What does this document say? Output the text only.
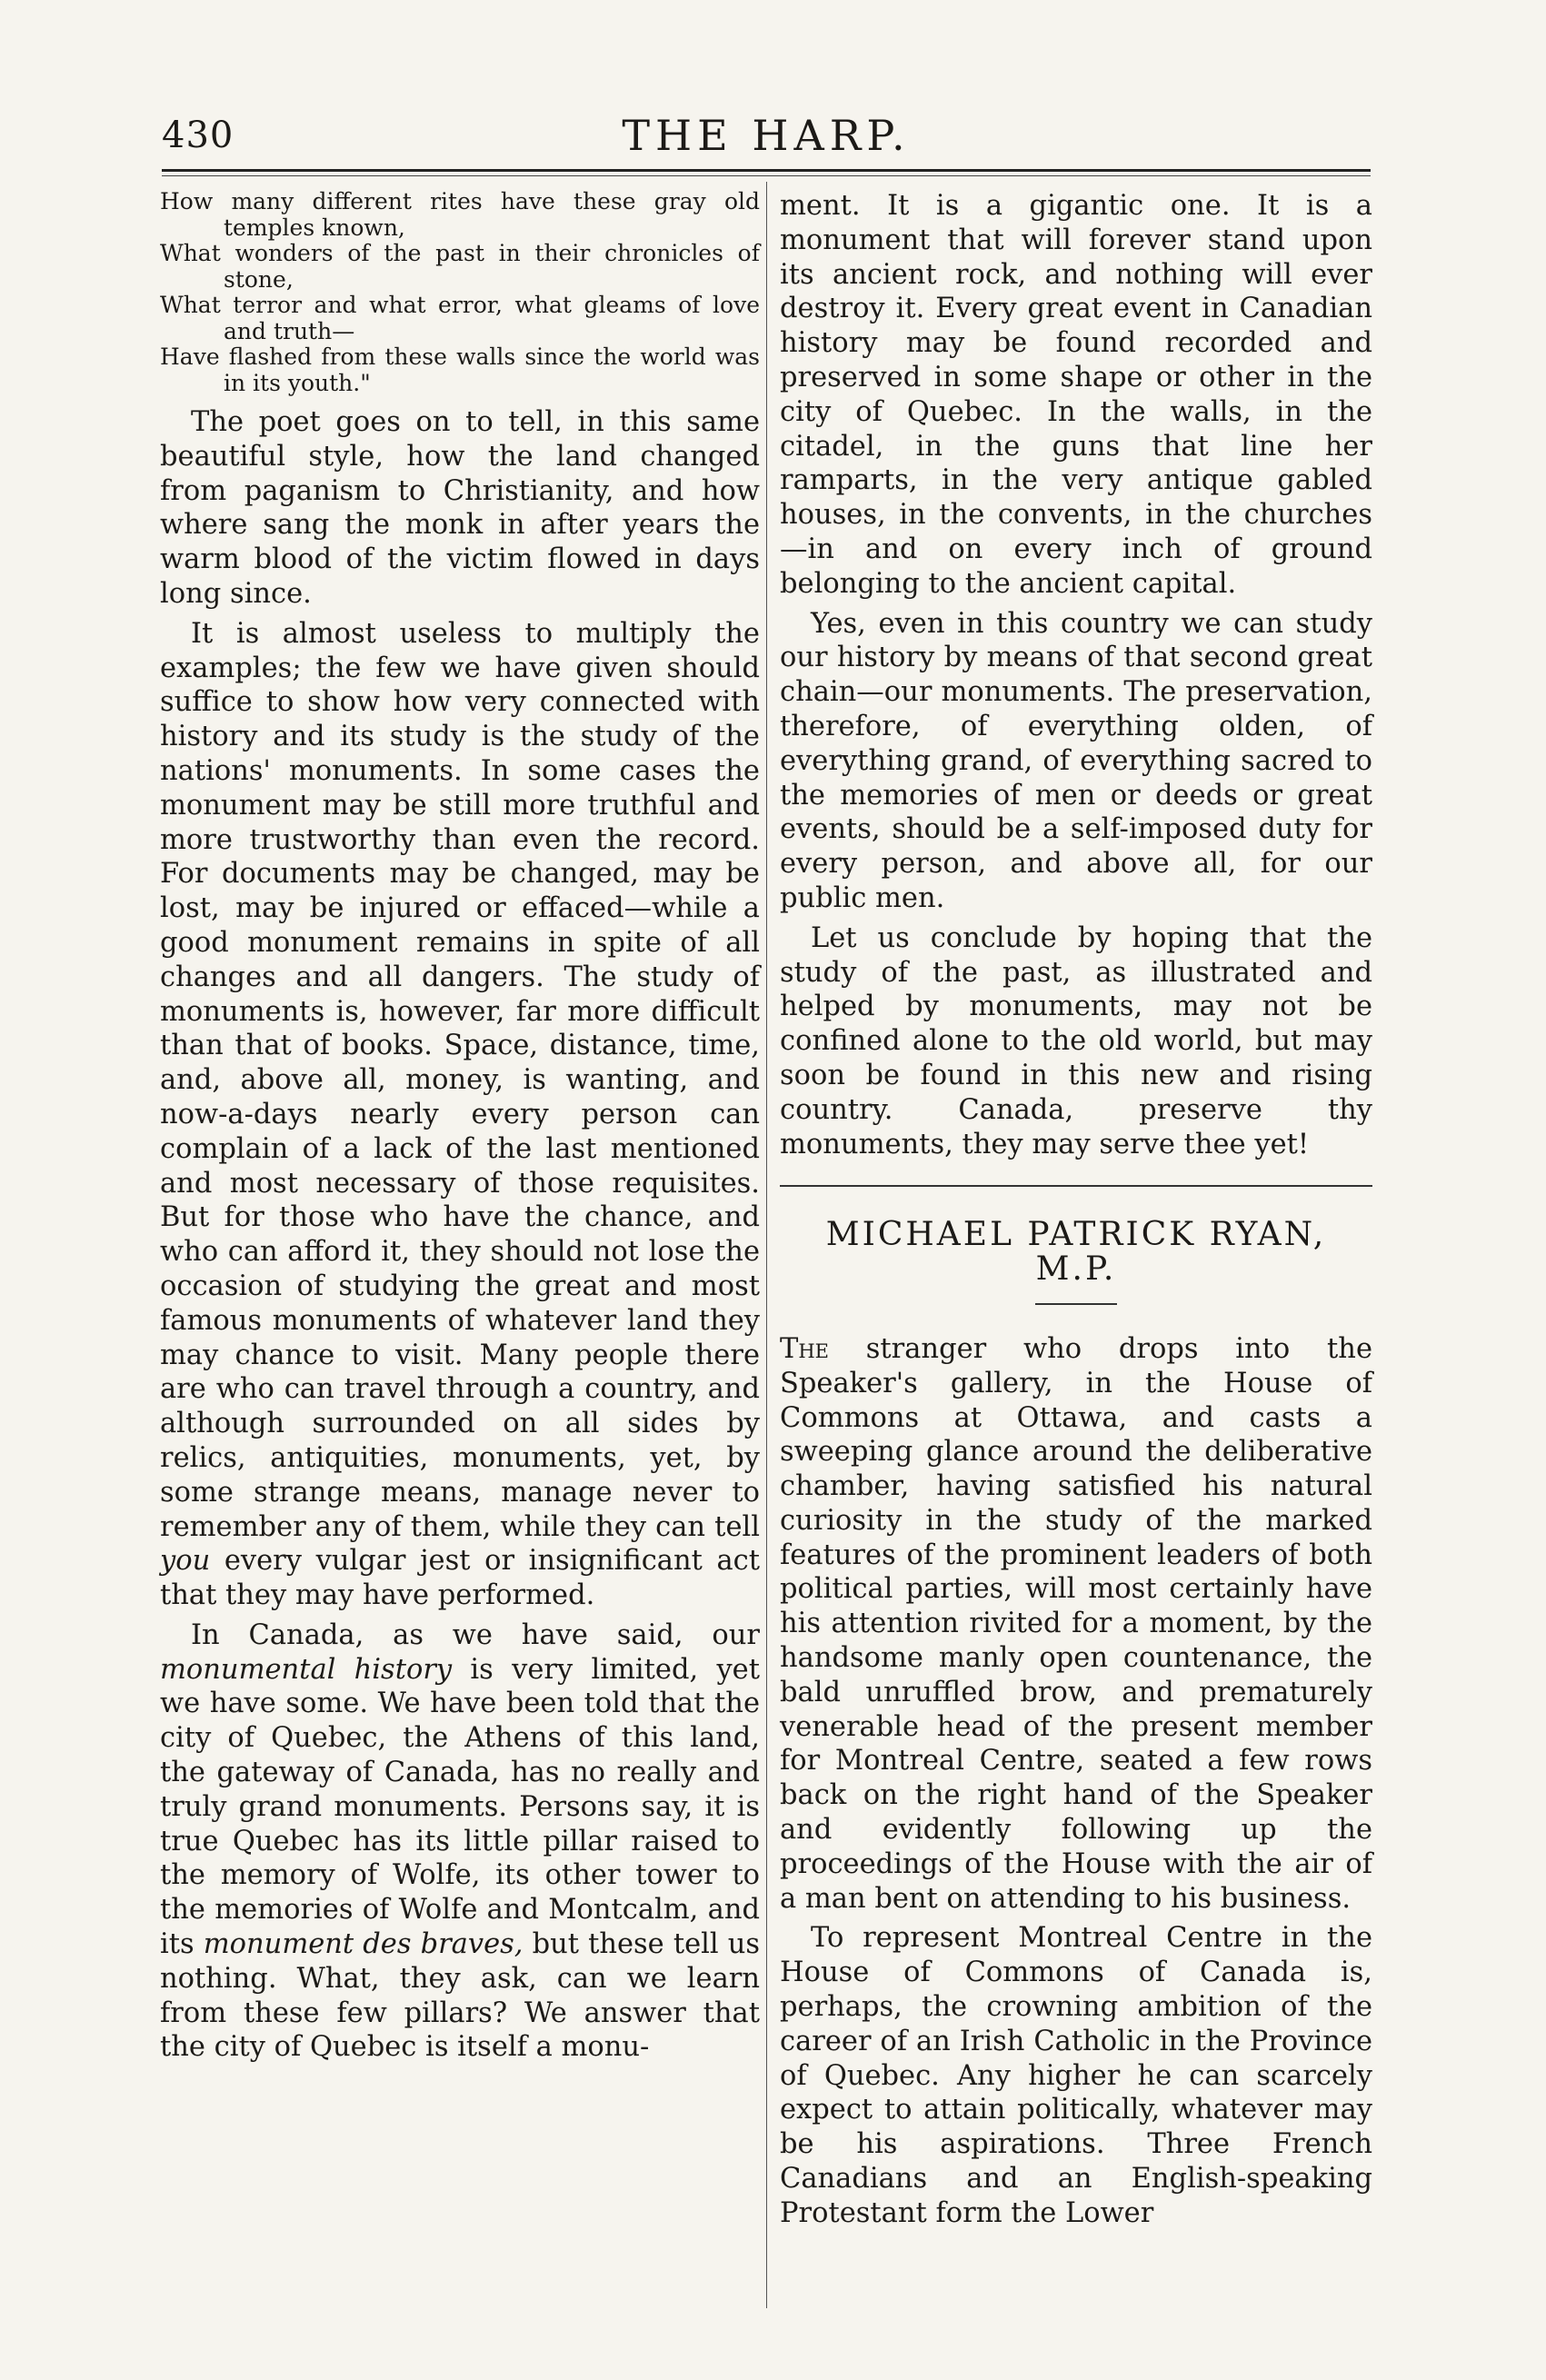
430	THE HARP.
How many different rites have these gray old temples known,
What wonders of the past in their chronicles of stone,
What terror and what error, what gleams of love and truth—
Have flashed from these walls since the world was in its youth."

The poet goes on to tell, in this same beautiful style, how the land changed from paganism to Christianity, and how where sang the monk in after years the warm blood of the victim flowed in days long since.

It is almost useless to multiply the examples; the few we have given should suffice to show how very connected with history and its study is the study of the nations' monuments. In some cases the monument may be still more truthful and more trustworthy than even the record. For documents may be changed, may be lost, may be injured or effaced—while a good monument remains in spite of all changes and all dangers. The study of monuments is, however, far more difficult than that of books. Space, distance, time, and, above all, money, is wanting, and now-a-days nearly every person can complain of a lack of the last mentioned and most necessary of those requisites. But for those who have the chance, and who can afford it, they should not lose the occasion of studying the great and most famous monuments of whatever land they may chance to visit. Many people there are who can travel through a country, and although surrounded on all sides by relics, antiquities, monuments, yet, by some strange means, manage never to remember any of them, while they can tell you every vulgar jest or insignificant act that they may have performed.

In Canada, as we have said, our monumental history is very limited, yet we have some. We have been told that the city of Quebec, the Athens of this land, the gateway of Canada, has no really and truly grand monuments. Persons say, it is true Quebec has its little pillar raised to the memory of Wolfe, its other tower to the memories of Wolfe and Montcalm, and its monument des braves, but these tell us nothing. What, they ask, can we learn from these few pillars? We answer that the city of Quebec is itself a monu-

ment. It is a gigantic one. It is a monument that will forever stand upon its ancient rock, and nothing will ever destroy it. Every great event in Canadian history may be found recorded and preserved in some shape or other in the city of Quebec. In the walls, in the citadel, in the guns that line her ramparts, in the very antique gabled houses, in the convents, in the churches—in and on every inch of ground belonging to the ancient capital.

Yes, even in this country we can study our history by means of that second great chain—our monuments. The preservation, therefore, of everything olden, of everything grand, of everything sacred to the memories of men or deeds or great events, should be a self-imposed duty for every person, and above all, for our public men.

Let us conclude by hoping that the study of the past, as illustrated and helped by monuments, may not be confined alone to the old world, but may soon be found in this new and rising country. Canada, preserve thy monuments, they may serve thee yet!

MICHAEL PATRICK RYAN, M.P.

The stranger who drops into the Speaker's gallery, in the House of Commons at Ottawa, and casts a sweeping glance around the deliberative chamber, having satisfied his natural curiosity in the study of the marked features of the prominent leaders of both political parties, will most certainly have his attention rivited for a moment, by the handsome manly open countenance, the bald unruffled brow, and prematurely venerable head of the present member for Montreal Centre, seated a few rows back on the right hand of the Speaker and evidently following up the proceedings of the House with the air of a man bent on attending to his business.

To represent Montreal Centre in the House of Commons of Canada is, perhaps, the crowning ambition of the career of an Irish Catholic in the Province of Quebec. Any higher he can scarcely expect to attain politically, whatever may be his aspirations. Three French Canadians and an English-speaking Protestant form the Lower
